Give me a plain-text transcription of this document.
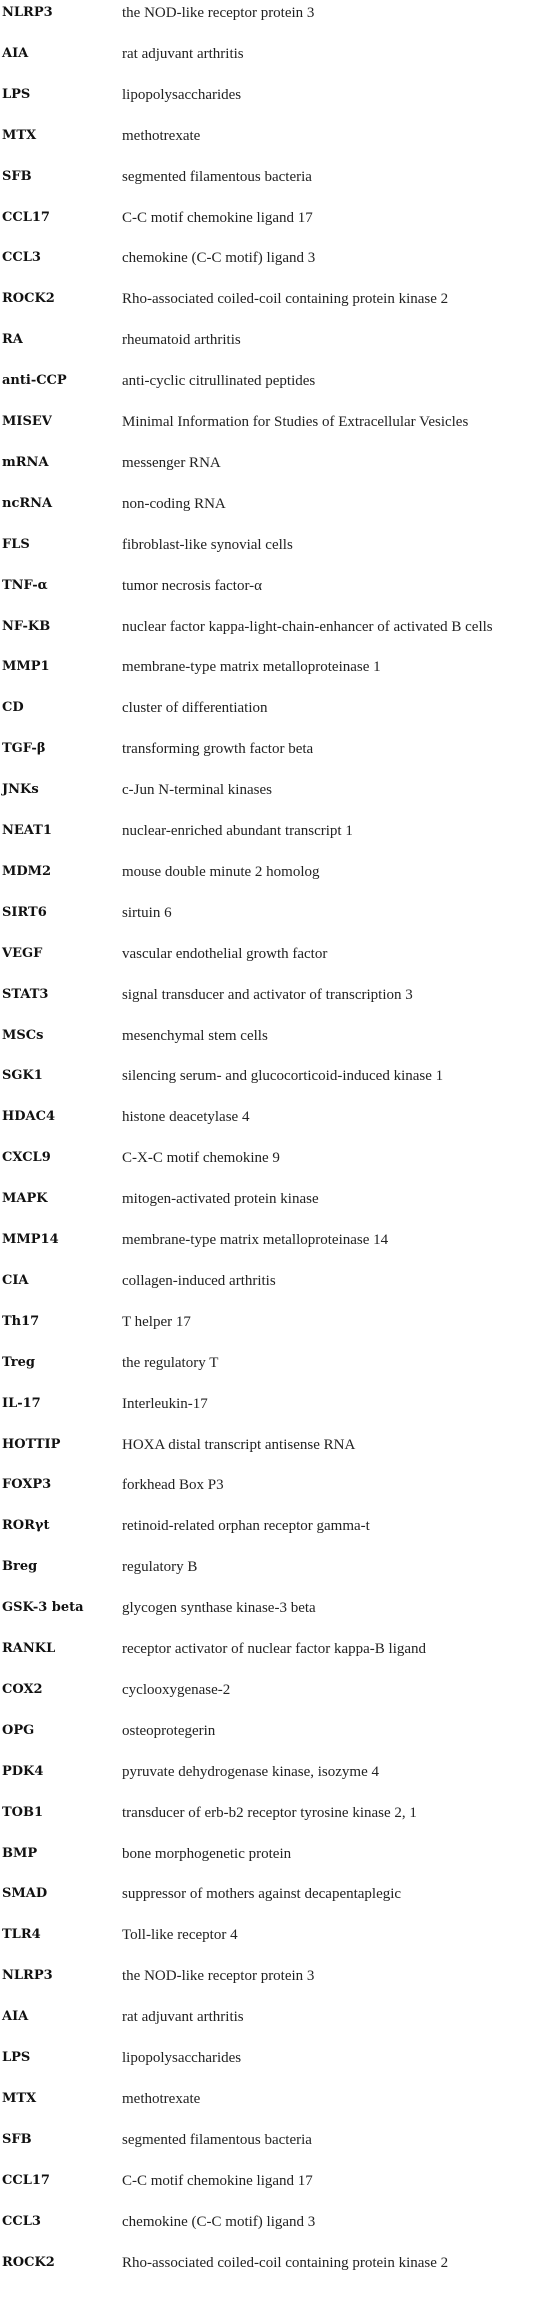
NLRP3	the NOD-like receptor protein 3
AIA	rat adjuvant arthritis
LPS	lipopolysaccharides
MTX	methotrexate
SFB	segmented filamentous bacteria
CCL17	C-C motif chemokine ligand 17
CCL3	chemokine (C-C motif) ligand 3
ROCK2	Rho-associated coiled-coil containing protein kinase 2
RA	rheumatoid arthritis
anti-CCP	anti-cyclic citrullinated peptides
MISEV	Minimal Information for Studies of Extracellular Vesicles
mRNA	messenger RNA
ncRNA	non-coding RNA
FLS	fibroblast-like synovial cells
TNF-α	tumor necrosis factor-α
NF-KB	nuclear factor kappa-light-chain-enhancer of activated B cells
MMP1	membrane-type matrix metalloproteinase 1
CD	cluster of differentiation
TGF-β	transforming growth factor beta
JNKs	c-Jun N-terminal kinases
NEAT1	nuclear-enriched abundant transcript 1
MDM2	mouse double minute 2 homolog
SIRT6	sirtuin 6
VEGF	vascular endothelial growth factor
STAT3	signal transducer and activator of transcription 3
MSCs	mesenchymal stem cells
SGK1	silencing serum- and glucocorticoid-induced kinase 1
HDAC4	histone deacetylase 4
CXCL9	C-X-C motif chemokine 9
MAPK	mitogen-activated protein kinase
MMP14	membrane-type matrix metalloproteinase 14
CIA	collagen-induced arthritis
Th17	T helper 17
Treg	the regulatory T
IL-17	Interleukin-17
HOTTIP	HOXA distal transcript antisense RNA
FOXP3	forkhead Box P3
RORγt	retinoid-related orphan receptor gamma-t
Breg	regulatory B
GSK-3 beta	glycogen synthase kinase-3 beta
RANKL	receptor activator of nuclear factor kappa-B ligand
COX2	cyclooxygenase-2
OPG	osteoprotegerin
PDK4	pyruvate dehydrogenase kinase, isozyme 4
TOB1	transducer of erb-b2 receptor tyrosine kinase 2, 1
BMP	bone morphogenetic protein
SMAD	suppressor of mothers against decapentaplegic
TLR4	Toll-like receptor 4
NLRP3	the NOD-like receptor protein 3
AIA	rat adjuvant arthritis
LPS	lipopolysaccharides
MTX	methotrexate
SFB	segmented filamentous bacteria
CCL17	C-C motif chemokine ligand 17
CCL3	chemokine (C-C motif) ligand 3
ROCK2	Rho-associated coiled-coil containing protein kinase 2
